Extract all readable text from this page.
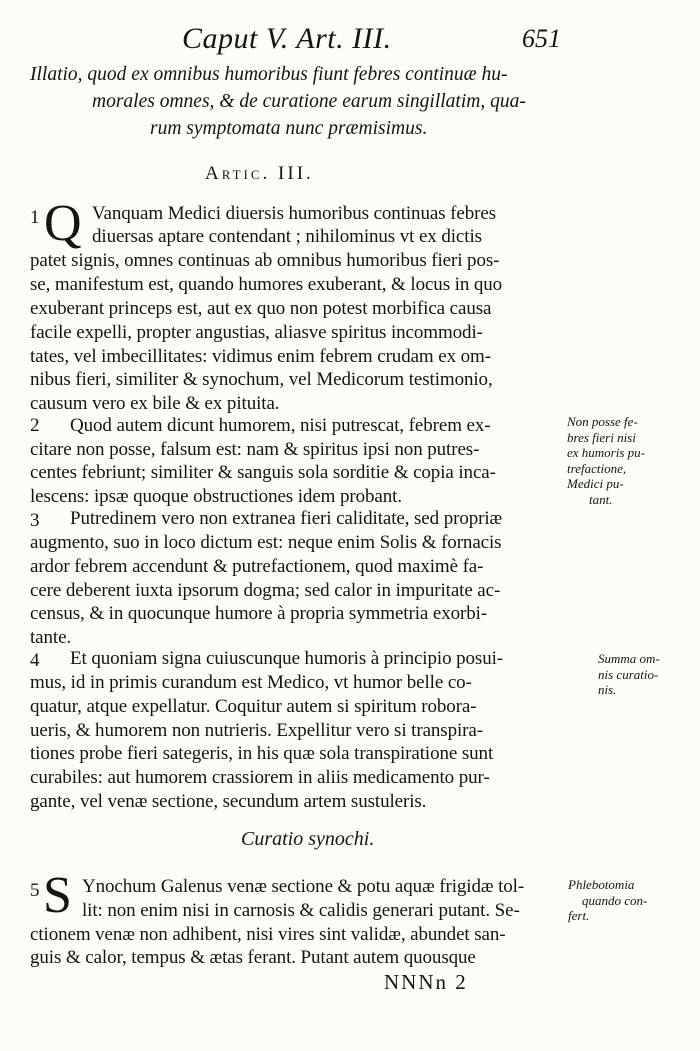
Caput V. Art. III.	651
Illatio, quod ex omnibus humoribus fiunt febres continuæ hu-
morales omnes, & de curatione earum singillatim, qua-
rum symptomata nunc præmisimus.
Artic. III.
1 Q Vanquam Medici diuersis humoribus continuas febres
diuersas aptare contendant ; nihilominus vt ex dictis
patet signis, omnes continuas ab omnibus humoribus fieri pos-
se, manifestum est, quando humores exuberant, & locus in quo
exuberant princeps est, aut ex quo non potest morbifica causa
facile expelli, propter angustias, aliasve spiritus incommodi-
tates, vel imbecillitates: vidimus enim febrem crudam ex om-
nibus fieri, similiter & synochum, vel Medicorum testimonio,
causum vero ex bile & ex pituita.
2 Quod autem dicunt humorem, nisi putrescat, febrem ex-
citare non posse, falsum est: nam & spiritus ipsi non putres-
centes febriunt; similiter & sanguis sola sorditie & copia inca-
lescens: ipsæ quoque obstructiones idem probant.
3 Putredinem vero non extranea fieri caliditate, sed propriæ
augmento, suo in loco dictum est: neque enim Solis & fornacis
ardor febrem accendunt & putrefactionem, quod maximè fa-
cere deberent iuxta ipsorum dogma; sed calor in impuritate ac-
census, & in quocunque humore à propria symmetria exorbi-
tante.
4 Et quoniam signa cuiuscunque humoris à principio posui-
mus, id in primis curandum est Medico, vt humor belle co-
quatur, atque expellatur. Coquitur autem si spiritum robora-
ueris, & humorem non nutrieris. Expellitur vero si transpira-
tiones probe fieri sategeris, in his quæ sola transpiratione sunt
curabiles: aut humorem crassiorem in aliis medicamento pur-
gante, vel venæ sectione, secundum artem sustuleris.
Curatio synochi.
5 S Ynochum Galenus venæ sectione & potu aquæ frigidæ tol-
lit: non enim nisi in carnosis & calidis generari putant. Se-
ctionem venæ non adhibent, nisi vires sint validæ, abundet san-
guis & calor, tempus & ætas ferant. Putant autem quousque
Non posse fe-
bres fieri nisi
ex humoris pu-
trefactione,
Medici pu-
tant.
Summa om-
nis curatio-
nis.
Phlebotomia
quando con-
fert.
NNNn 2
